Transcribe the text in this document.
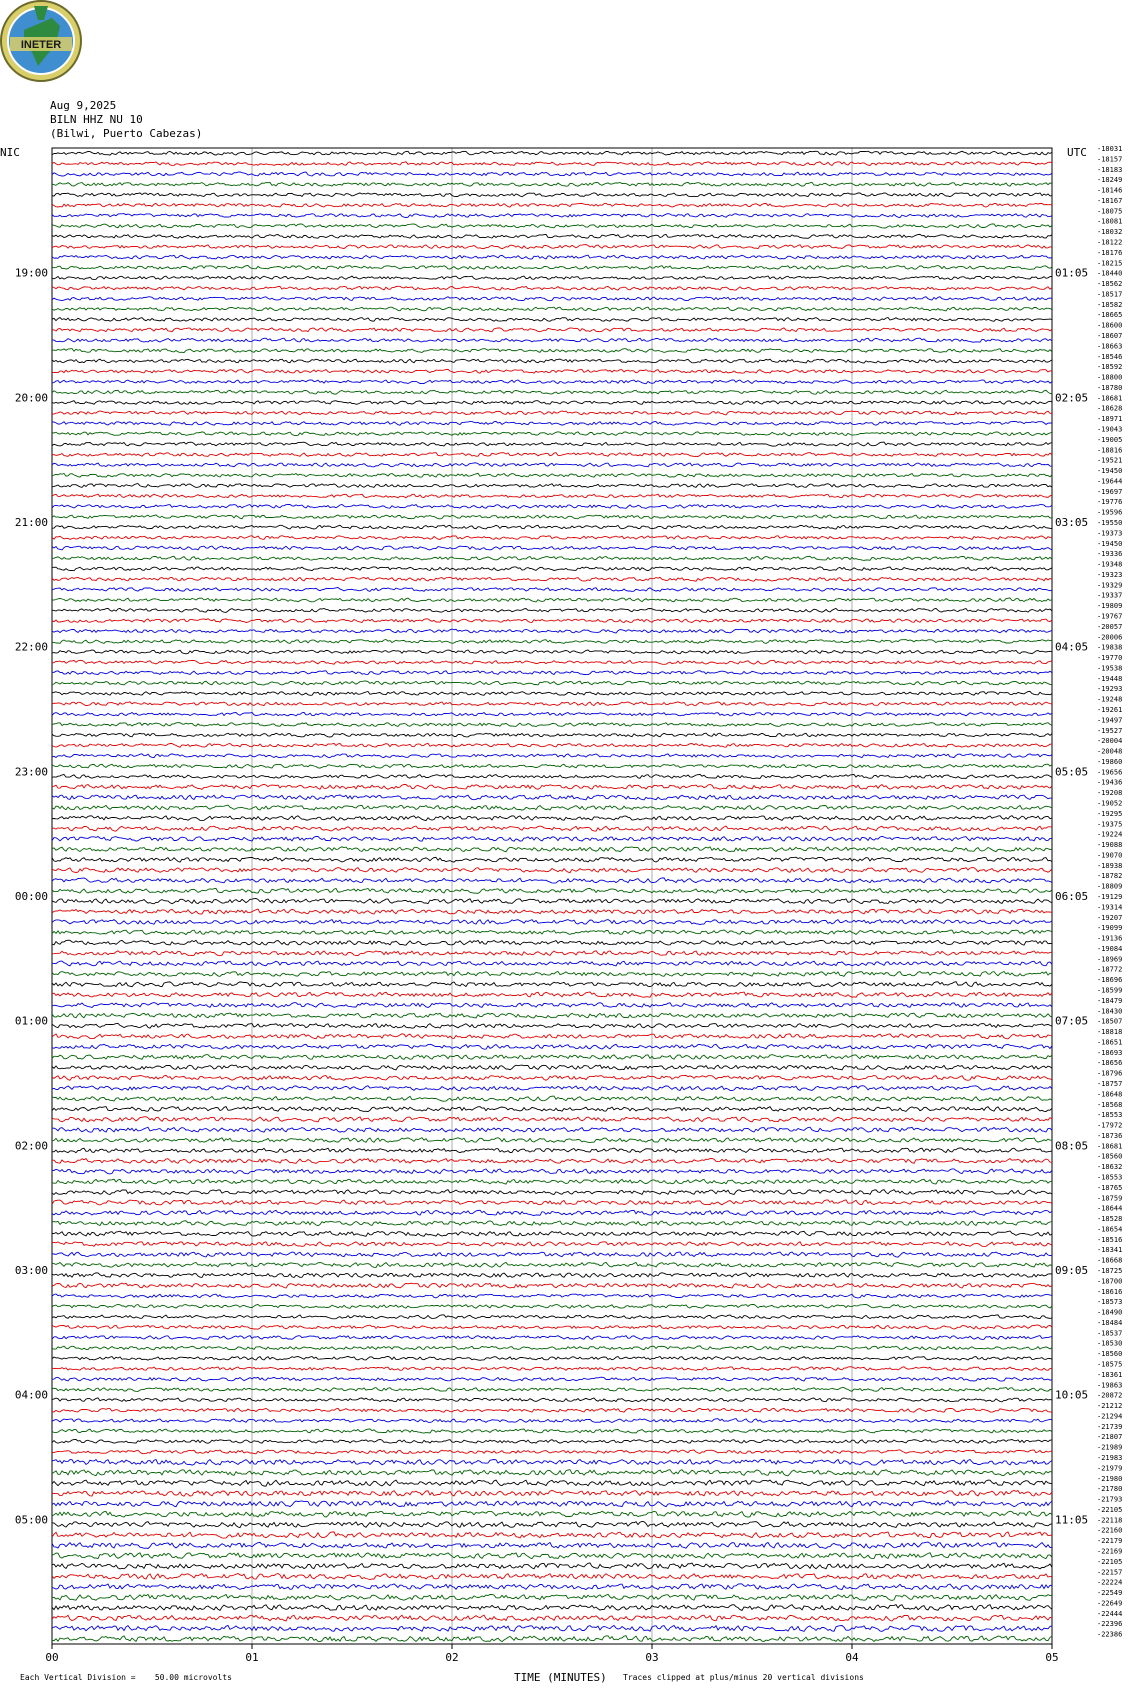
INETER
Aug 9,2025
BILN HHZ NU 10
(Bilwi, Puerto Cabezas)
00	01	02	03	04	05
NIC	UTC
19:00
20:00
21:00
22:00
23:00
00:00
01:00
02:00
03:00
04:00
05:00
01:05
02:05
03:05
04:05
05:05
06:05
07:05
08:05
09:05
10:05
11:05
-18031
-18157
-18183
-18249
-18146
-18167
-18075
-18081
-18032
-18122
-18176
-18215
-18440
-18562
-18517
-18582
-18665
-18600
-18607
-18663
-18546
-18592
-18800
-18780
-18681
-18628
-18971
-19043
-19005
-18816
-19521
-19450
-19644
-19697
-19776
-19596
-19550
-19373
-19450
-19336
-19348
-19323
-19329
-19337
-19809
-19767
-20057
-20006
-19838
-19770
-19538
-19448
-19293
-19248
-19261
-19497
-19527
-20004
-20048
-19860
-19656
-19436
-19208
-19052
-19295
-19375
-19224
-19088
-19070
-18938
-18782
-18809
-19129
-19314
-19207
-19099
-19136
-19084
-18969
-18772
-18696
-18599
-18479
-18430
-18507
-18818
-18651
-18693
-18656
-18796
-18757
-18648
-18568
-18553
-17972
-18736
-18681
-18560
-18632
-18553
-18765
-18759
-18644
-18528
-18654
-18516
-18341
-18668
-18725
-18700
-18616
-18573
-18490
-18484
-18537
-18530
-18560
-18575
-18361
-19863
-20872
-21212
-21294
-21739
-21807
-21989
-21983
-21979
-21980
-21780
-21793
-22105
-22118
-22160
-22179
-22169
-22105
-22157
-22224
-22549
-22649
-22444
-22396
-22386
Each Vertical Division =    50.00 microvolts	TIME (MINUTES) Traces clipped at plus/minus 20 vertical divisions
